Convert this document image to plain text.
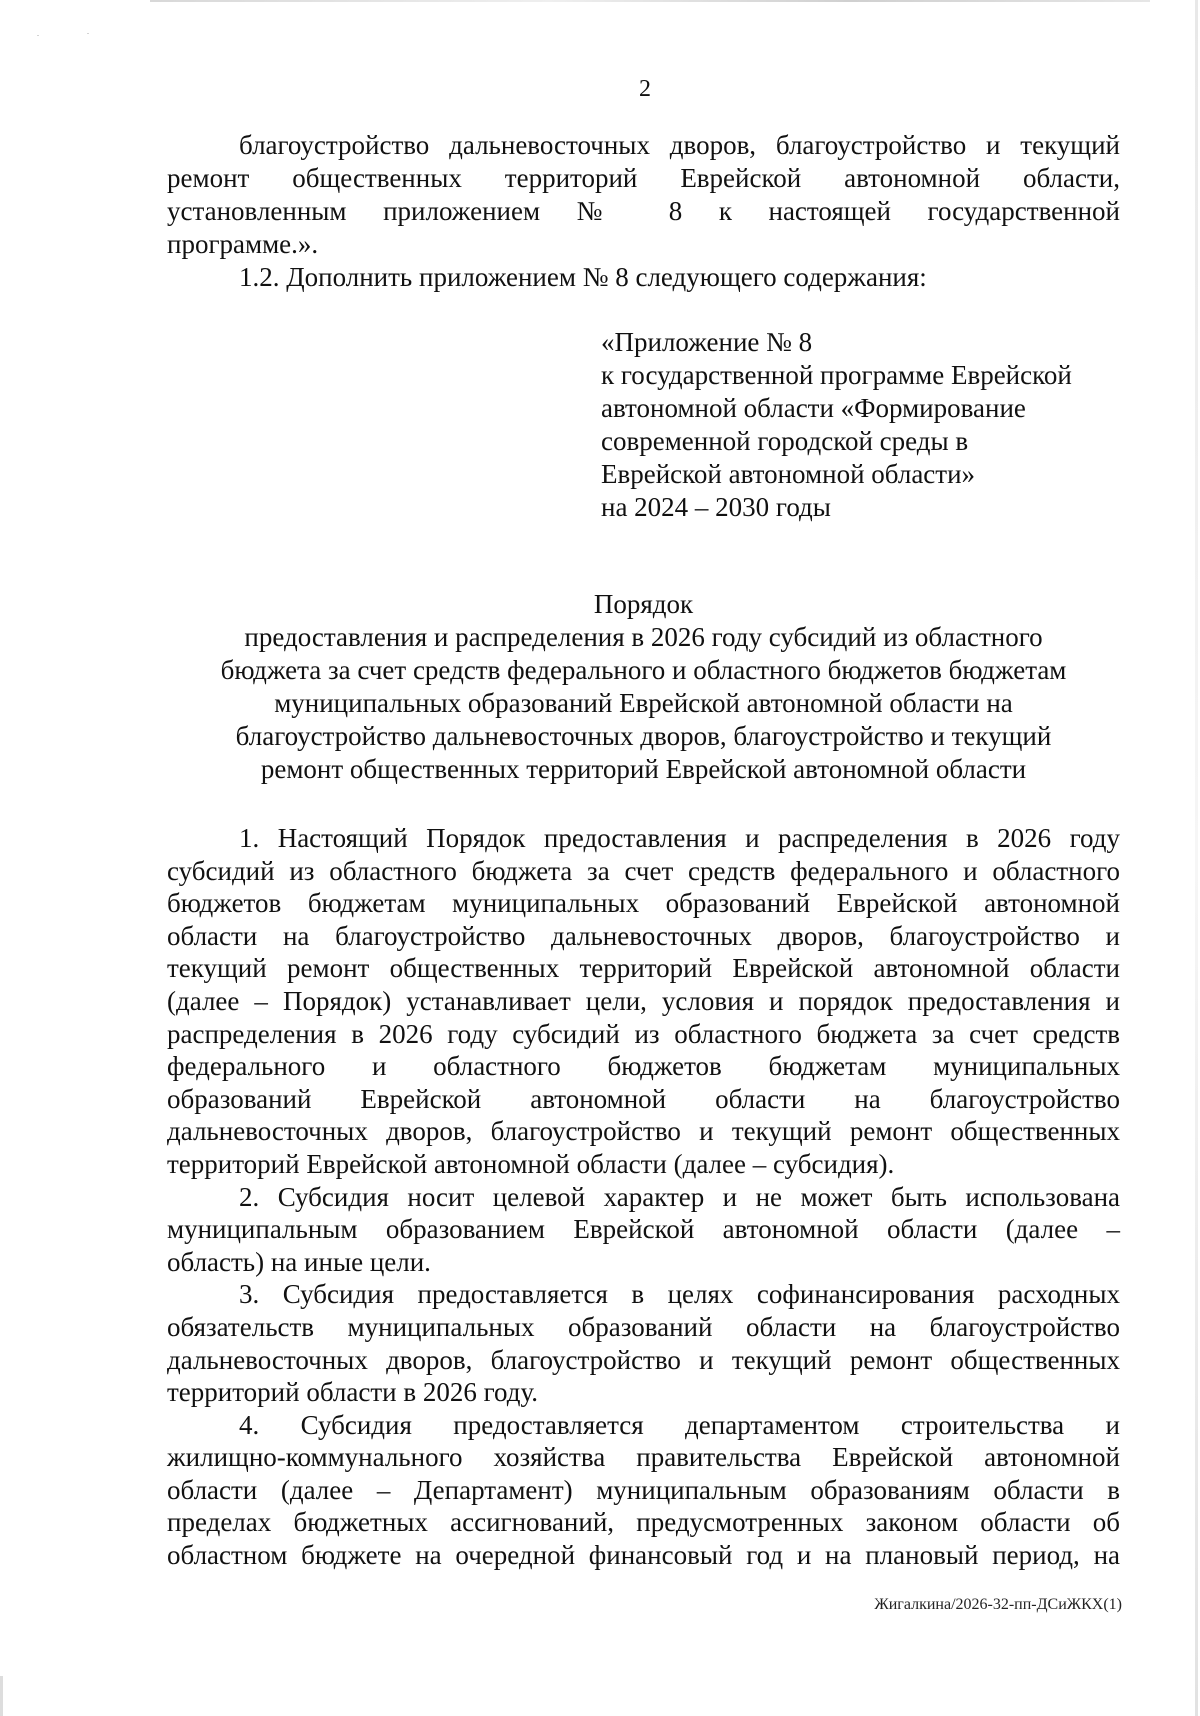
2
благоустройство дальневосточных дворов, благоустройство и текущий
ремонт общественных территорий Еврейской автономной области,
установленным приложением № 8 к настоящей государственной
программе.».
1.2. Дополнить приложением № 8 следующего содержания:
«Приложение № 8
к государственной программе Еврейской
автономной области «Формирование
современной городской среды в
Еврейской автономной области»
на 2024 – 2030 годы
Порядок
предоставления и распределения в 2026 году субсидий из областного
бюджета за счет средств федерального и областного бюджетов бюджетам
муниципальных образований Еврейской автономной области на
благоустройство дальневосточных дворов, благоустройство и текущий
ремонт общественных территорий Еврейской автономной области
1. Настоящий Порядок предоставления и распределения в 2026 году
субсидий из областного бюджета за счет средств федерального и областного
бюджетов бюджетам муниципальных образований Еврейской автономной
области на благоустройство дальневосточных дворов, благоустройство и
текущий ремонт общественных территорий Еврейской автономной области
(далее – Порядок) устанавливает цели, условия и порядок предоставления и
распределения в 2026 году субсидий из областного бюджета за счет средств
федерального и областного бюджетов бюджетам муниципальных
образований Еврейской автономной области на благоустройство
дальневосточных дворов, благоустройство и текущий ремонт общественных
территорий Еврейской автономной области (далее – субсидия).
2. Субсидия носит целевой характер и не может быть использована
муниципальным образованием Еврейской автономной области (далее –
область) на иные цели.
3. Субсидия предоставляется в целях софинансирования расходных
обязательств муниципальных образований области на благоустройство
дальневосточных дворов, благоустройство и текущий ремонт общественных
территорий области в 2026 году.
4. Субсидия предоставляется департаментом строительства и
жилищно-коммунального хозяйства правительства Еврейской автономной
области (далее – Департамент) муниципальным образованиям области в
пределах бюджетных ассигнований, предусмотренных законом области об
областном бюджете на очередной финансовый год и на плановый период, на
Жигалкина/2026-32-пп-ДСиЖКХ(1)
